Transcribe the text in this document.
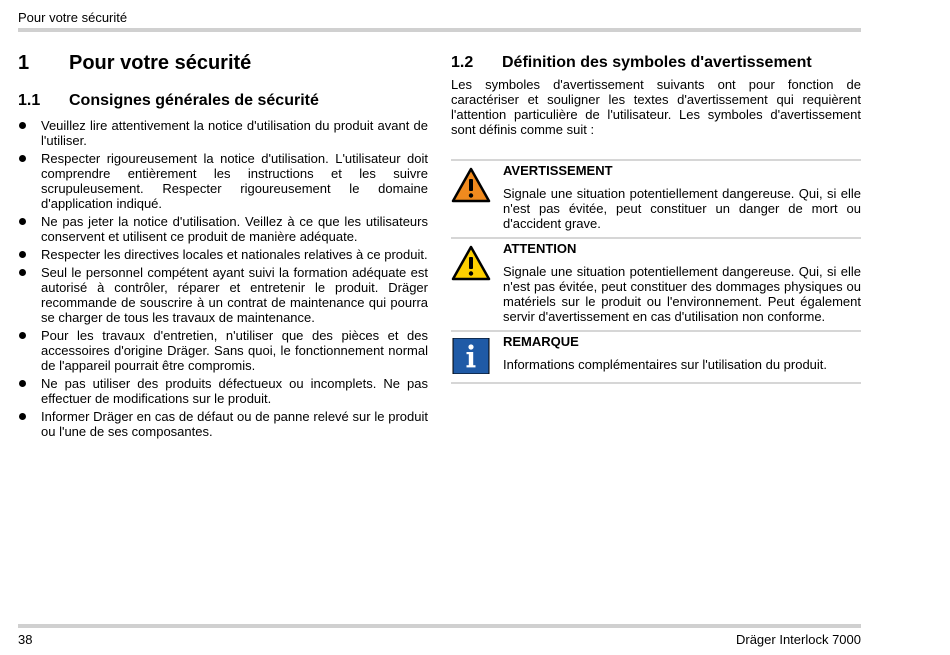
Pour votre sécurité
1 Pour votre sécurité
1.1 Consignes générales de sécurité
Veuillez lire attentivement la notice d'utilisation du produit avant de l'utiliser.
Respecter rigoureusement la notice d'utilisation. L'utilisateur doit comprendre entièrement les instructions et les suivre scrupuleusement. Respecter rigoureusement le domaine d'application indiqué.
Ne pas jeter la notice d'utilisation. Veillez à ce que les utilisateurs conservent et utilisent ce produit de manière adéquate.
Respecter les directives locales et nationales relatives à ce produit.
Seul le personnel compétent ayant suivi la formation adéquate est autorisé à contrôler, réparer et entretenir le produit. Dräger recommande de souscrire à un contrat de maintenance qui pourra se charger de tous les travaux de maintenance.
Pour les travaux d'entretien, n'utiliser que des pièces et des accessoires d'origine Dräger. Sans quoi, le fonctionnement normal de l'appareil pourrait être compromis.
Ne pas utiliser des produits défectueux ou incomplets. Ne pas effectuer de modifications sur le produit.
Informer Dräger en cas de défaut ou de panne relevé sur le produit ou l'une de ses composantes.
1.2 Définition des symboles d'avertissement

Les symboles d'avertissement suivants ont pour fonction de caractériser et souligner les textes d'avertissement qui requièrent l'attention particulière de l'utilisateur. Les symboles d'avertissement sont définis comme suit :

AVERTISSEMENT
Signale une situation potentiellement dangereuse. Qui, si elle n'est pas évitée, peut constituer un danger de mort ou d'accident grave.
ATTENTION
Signale une situation potentiellement dangereuse. Qui, si elle n'est pas évitée, peut constituer des dommages physiques ou matériels sur le produit ou l'environnement. Peut également servir d'avertissement en cas d'utilisation non conforme.
REMARQUE
Informations complémentaires sur l'utilisation du produit.
38	Dräger Interlock 7000
